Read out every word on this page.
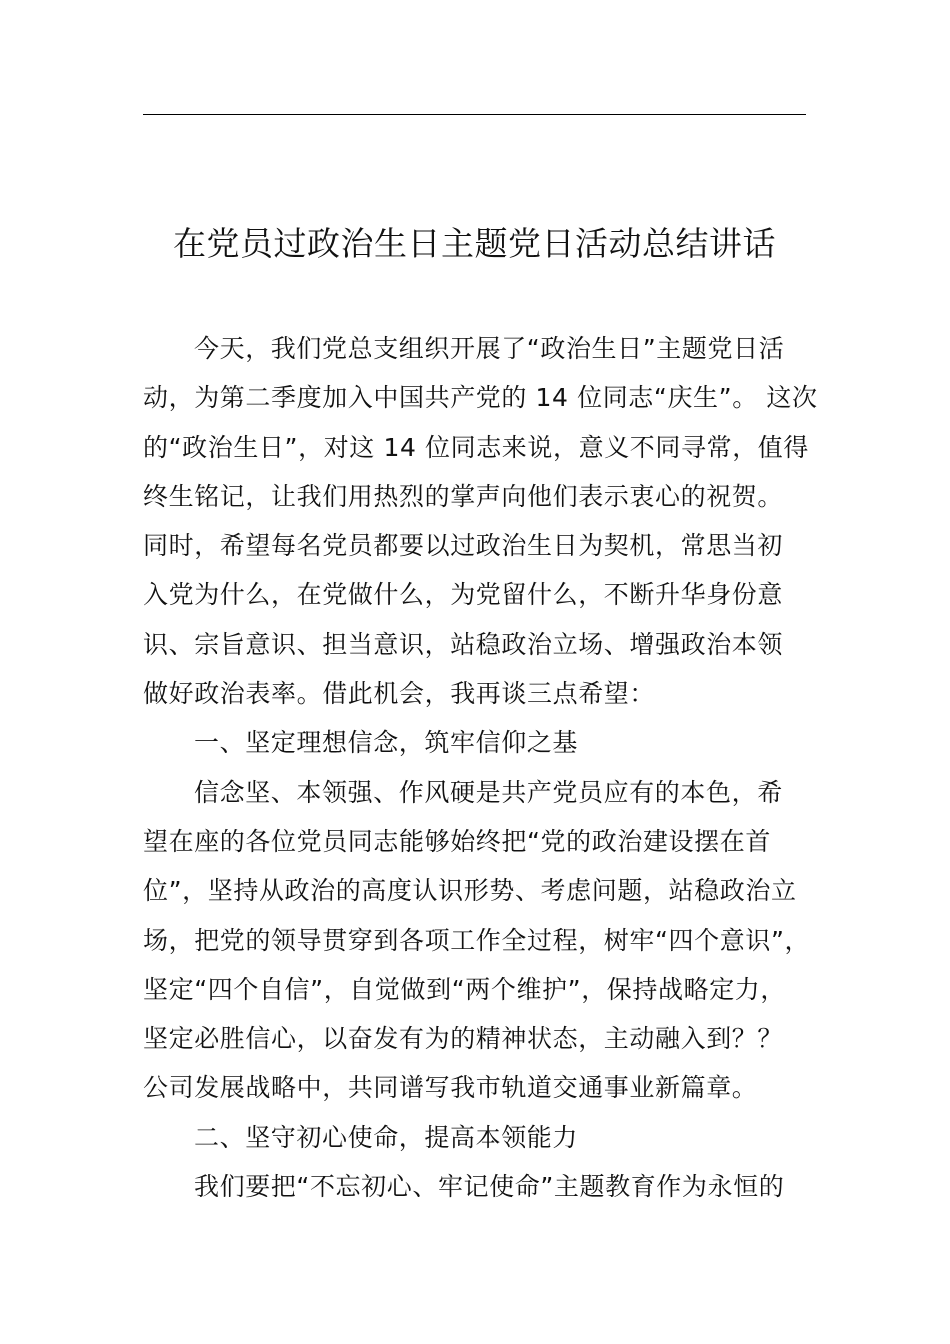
在党员过政治生日主题党日活动总结讲话
今天，我们党总支组织开展了“政治生日”主题党日活
动，为第二季度加入中国共产党的 14 位同志“庆生”。 这次
的“政治生日”，对这 14 位同志来说，意义不同寻常，值得
终生铭记，让我们用热烈的掌声向他们表示衷心的祝贺。
同时，希望每名党员都要以过政治生日为契机，常思当初
入党为什么，在党做什么，为党留什么，不断升华身份意
识、宗旨意识、担当意识，站稳政治立场、增强政治本领
做好政治表率。借此机会，我再谈三点希望：
一、坚定理想信念，筑牢信仰之基
信念坚、本领强、作风硬是共产党员应有的本色，希
望在座的各位党员同志能够始终把“党的政治建设摆在首
位”，坚持从政治的高度认识形势、考虑问题，站稳政治立
场，把党的领导贯穿到各项工作全过程，树牢“四个意识”，
坚定“四个自信”，自觉做到“两个维护”，保持战略定力，
坚定必胜信心，以奋发有为的精神状态，主动融入到？？
公司发展战略中，共同谱写我市轨道交通事业新篇章。
二、坚守初心使命，提高本领能力
我们要把“不忘初心、牢记使命”主题教育作为永恒的
